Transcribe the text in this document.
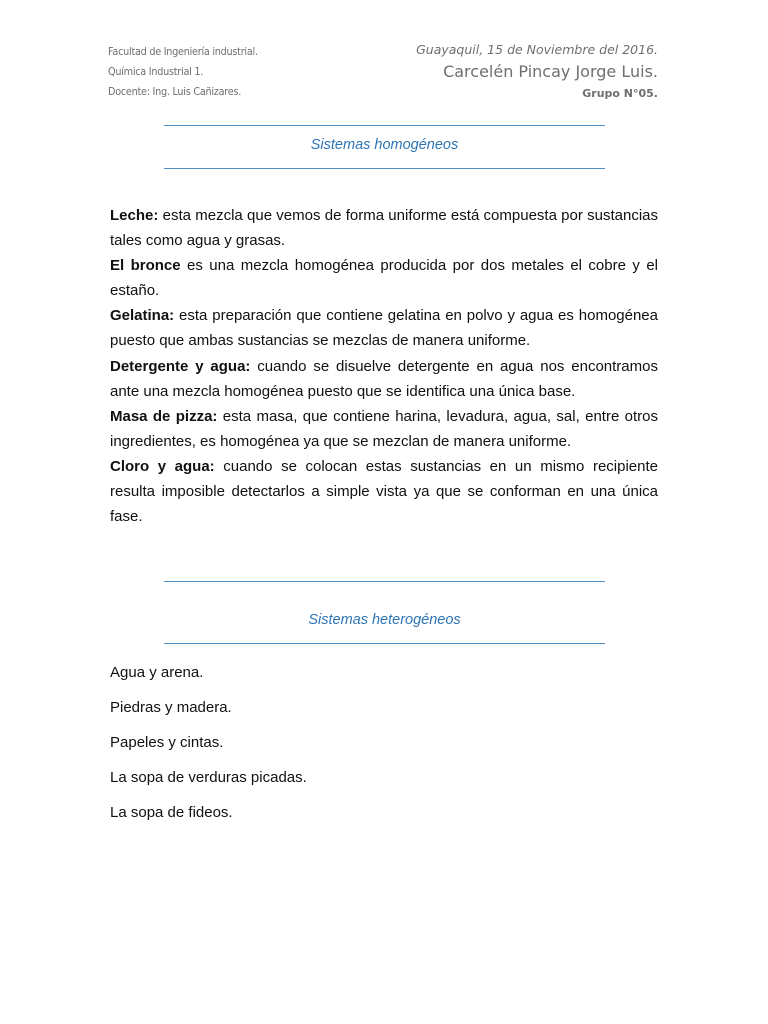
Facultad de Ingeniería industrial.
Química Industrial 1.
Docente: Ing. Luis Cañizares.
Guayaquil, 15 de Noviembre del 2016.
Carcelén Pincay Jorge Luis.
Grupo N°05.
Sistemas homogéneos

Leche: esta mezcla que vemos de forma uniforme está compuesta por sustancias tales como agua y grasas.

El bronce es una mezcla homogénea producida por dos metales el cobre y el estaño.

Gelatina: esta preparación que contiene gelatina en polvo y agua es homogénea puesto que ambas sustancias se mezclas de manera uniforme.

Detergente y agua: cuando se disuelve detergente en agua nos encontramos ante una mezcla homogénea puesto que se identifica una única base.

Masa de pizza: esta masa, que contiene harina, levadura, agua, sal, entre otros ingredientes, es homogénea ya que se mezclan de manera uniforme.

Cloro y agua: cuando se colocan estas sustancias en un mismo recipiente resulta imposible detectarlos a simple vista ya que se conforman en una única fase.

Sistemas heterogéneos
Agua y arena.
Piedras y madera.
Papeles y cintas.
La sopa de verduras picadas.
La sopa de fideos.
